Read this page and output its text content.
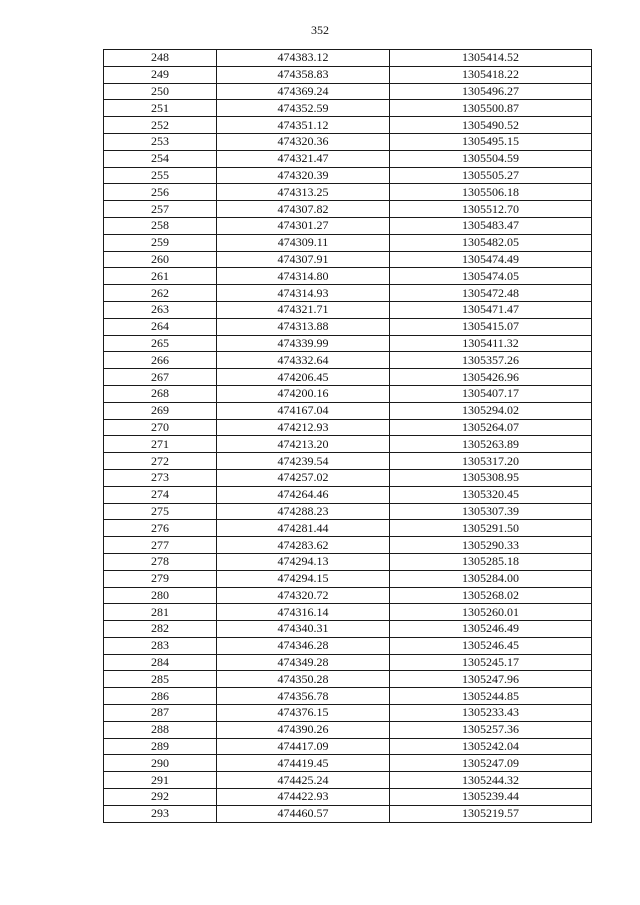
352
248	474383.12	1305414.52
249	474358.83	1305418.22
250	474369.24	1305496.27
251	474352.59	1305500.87
252	474351.12	1305490.52
253	474320.36	1305495.15
254	474321.47	1305504.59
255	474320.39	1305505.27
256	474313.25	1305506.18
257	474307.82	1305512.70
258	474301.27	1305483.47
259	474309.11	1305482.05
260	474307.91	1305474.49
261	474314.80	1305474.05
262	474314.93	1305472.48
263	474321.71	1305471.47
264	474313.88	1305415.07
265	474339.99	1305411.32
266	474332.64	1305357.26
267	474206.45	1305426.96
268	474200.16	1305407.17
269	474167.04	1305294.02
270	474212.93	1305264.07
271	474213.20	1305263.89
272	474239.54	1305317.20
273	474257.02	1305308.95
274	474264.46	1305320.45
275	474288.23	1305307.39
276	474281.44	1305291.50
277	474283.62	1305290.33
278	474294.13	1305285.18
279	474294.15	1305284.00
280	474320.72	1305268.02
281	474316.14	1305260.01
282	474340.31	1305246.49
283	474346.28	1305246.45
284	474349.28	1305245.17
285	474350.28	1305247.96
286	474356.78	1305244.85
287	474376.15	1305233.43
288	474390.26	1305257.36
289	474417.09	1305242.04
290	474419.45	1305247.09
291	474425.24	1305244.32
292	474422.93	1305239.44
293	474460.57	1305219.57
